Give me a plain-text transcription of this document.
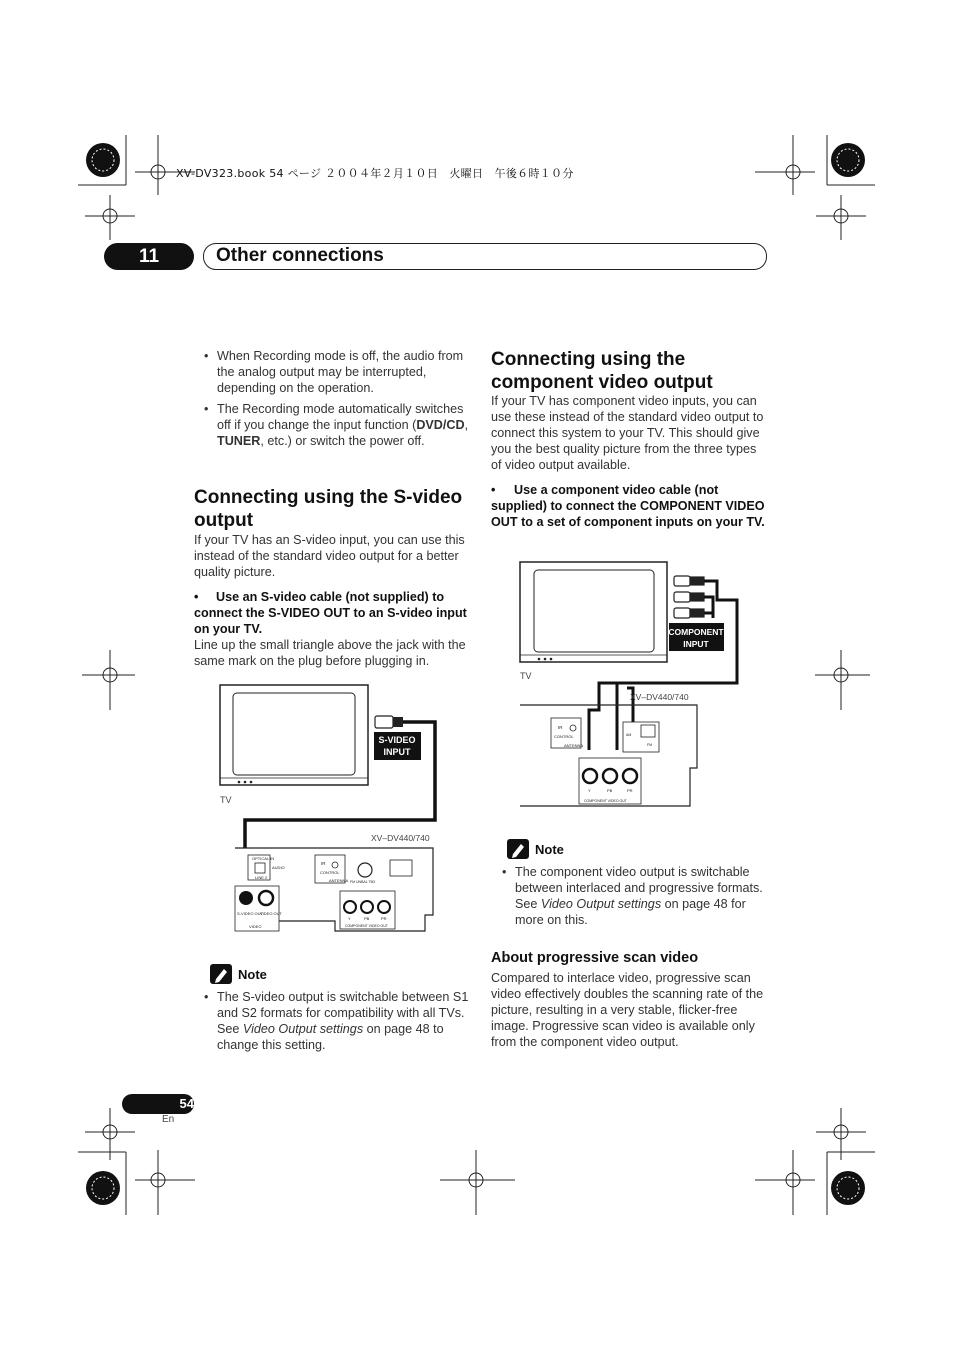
XV-DV323.book 54 ページ ２００４年２月１０日　火曜日　午後６時１０分
11	Other connections
• When Recording mode is off, the audio from the analog output may be interrupted, depending on the operation.
• The Recording mode automatically switches off if you change the input function (DVD/CD, TUNER, etc.) or switch the power off.
Connecting using the S-video output
If your TV has an S-video input, you can use this instead of the standard video output for a better quality picture.
• Use an S-video cable (not supplied) to connect the S-VIDEO OUT to an S-video input on your TV.
Line up the small triangle above the jack with the same mark on the plug before plugging in.
TV
S-VIDEO
INPUT
XV–DV440/740
OPTICAL IN
AUDIO
LINE 2
S-VIDEO OUT
VIDEO OUT
VIDEO
IR
CONTROL
ANTENNA FM UNBAL 75Ω
Y	PB	PR
COMPONENT VIDEO OUT
Note
• The S-video output is switchable between S1 and S2 formats for compatibility with all TVs. See Video Output settings on page 48 to change this setting.
Connecting using the component video output
If your TV has component video inputs, you can use these instead of the standard video output to connect this system to your TV. This should give you the best quality picture from the three types of video output available.
• Use a component video cable (not supplied) to connect the COMPONENT VIDEO OUT to a set of component inputs on your TV.
TV
COMPONENT
INPUT
XV–DV440/740
IR
CONTROL
ANTENNA
AM
FM
Y	PB	PR
COMPONENT VIDEO OUT
Note
• The component video output is switchable between interlaced and progressive formats. See Video Output settings on page 48 for more on this.
About progressive scan video
Compared to interlace video, progressive scan video effectively doubles the scanning rate of the picture, resulting in a very stable, flicker-free image. Progressive scan video is available only from the component video output.
54
En
